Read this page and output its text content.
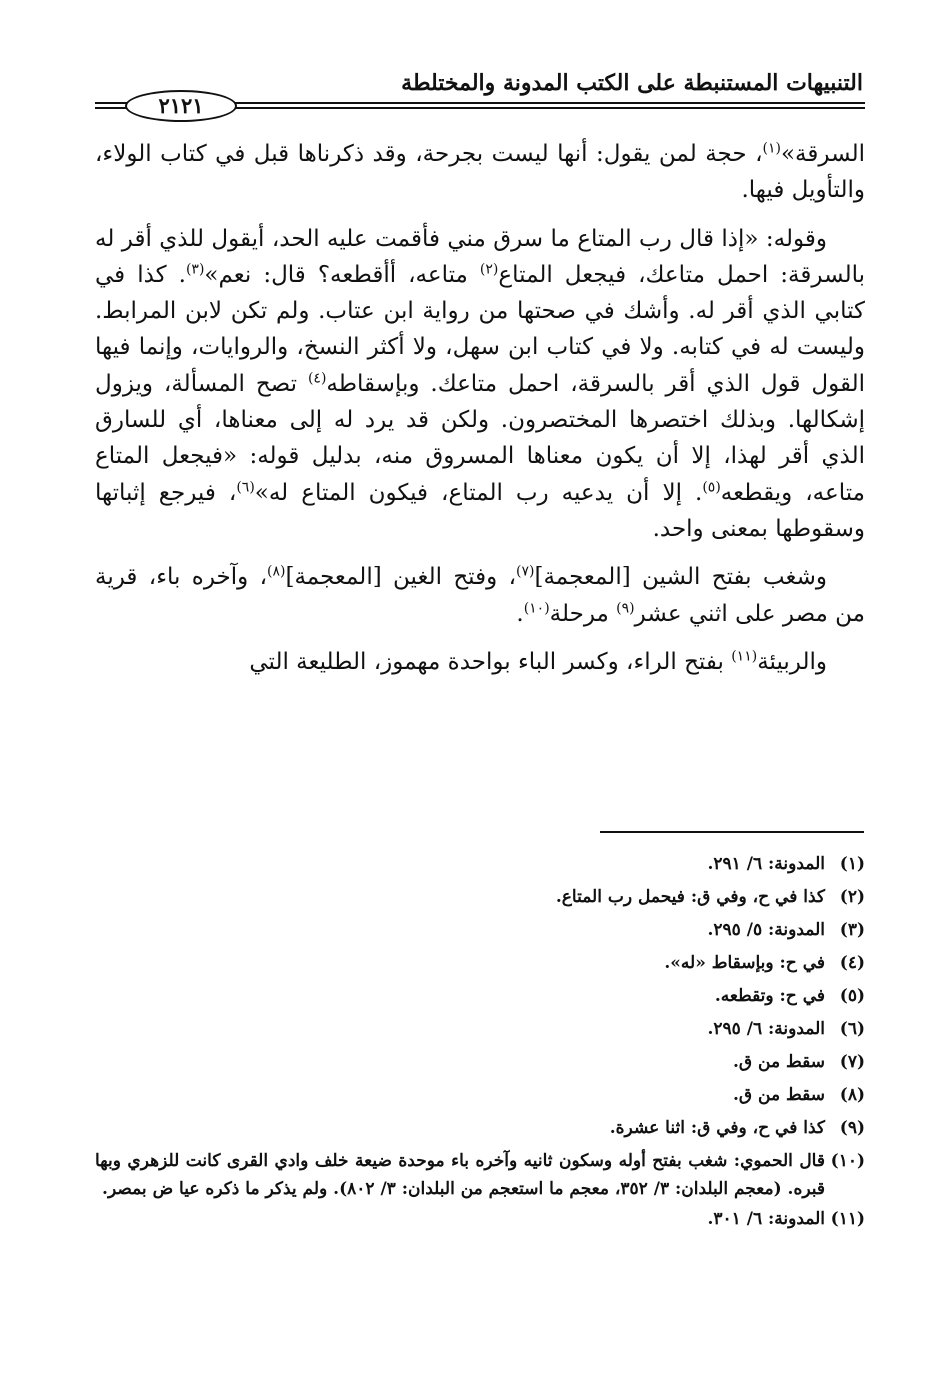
التنبيهات المستنبطة على الكتب المدونة والمختلطة
٢١٢١

السرقة»$^{(١)}$، حجة لمن يقول: أنها ليست بجرحة، وقد ذكرناها قبل في كتاب الولاء، والتأويل فيها.

وقوله: «إذا قال رب المتاع ما سرق مني فأقمت عليه الحد، أيقول للذي أقر له بالسرقة: احمل متاعك، فيجعل المتاع$^{(٢)}$ متاعه، أأقطعه؟ قال: نعم»$^{(٣)}$. كذا في كتابي الذي أقر له. وأشك في صحتها من رواية ابن عتاب. ولم تكن لابن المرابط. وليست له في كتابه. ولا في كتاب ابن سهل، ولا أكثر النسخ، والروايات، وإنما فيها القول قول الذي أقر بالسرقة، احمل متاعك. وبإسقاطه$^{(٤)}$ تصح المسألة، ويزول إشكالها. وبذلك اختصرها المختصرون. ولكن قد يرد له إلى معناها، أي للسارق الذي أقر لهذا، إلا أن يكون معناها المسروق منه، بدليل قوله: «فيجعل المتاع متاعه، ويقطعه$^{(٥)}$. إلا أن يدعيه رب المتاع، فيكون المتاع له»$^{(٦)}$، فيرجع إثباتها وسقوطها بمعنى واحد.

وشغب بفتح الشين [المعجمة]$^{(٧)}$، وفتح الغين [المعجمة]$^{(٨)}$، وآخره باء، قرية من مصر على اثني عشر$^{(٩)}$ مرحلة$^{(١٠)}$.

والربيئة$^{(١١)}$ بفتح الراء، وكسر الباء بواحدة مهموز، الطليعة التي

(١)
المدونة: ٦/ ٢٩١.
(٢)
كذا في ح، وفي ق: فيحمل رب المتاع.
(٣)
المدونة: ٥/ ٢٩٥.
(٤)
في ح: وبإسقاط «له».
(٥)
في ح: وتقطعه.
(٦)
المدونة: ٦/ ٢٩٥.
(٧)
سقط من ق.
(٨)
سقط من ق.
(٩)
كذا في ح، وفي ق: اثنا عشرة.
(١٠)
قال الحموي: شغب بفتح أوله وسكون ثانيه وآخره باء موحدة ضيعة خلف وادي القرى كانت للزهري وبها قبره. (معجم البلدان: ٣/ ٣٥٢، معجم ما استعجم من البلدان: ٣/ ٨٠٢). ولم يذكر ما ذكره عيا ض بمصر.
(١١)
المدونة: ٦/ ٣٠١.
